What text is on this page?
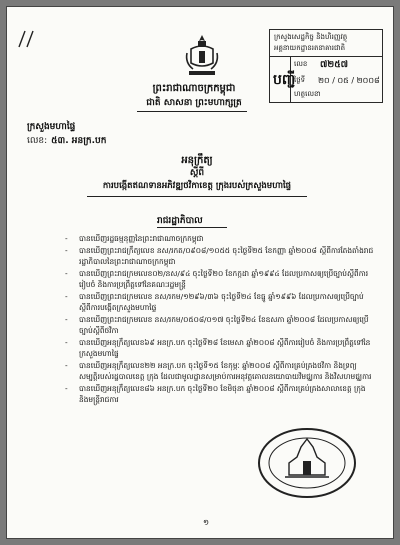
ព្រះរាជាណាចក្រកម្ពុជា
ជាតិ សាសនា ព្រះមហាក្សត្រ
ក្រសួងសេដ្ឋកិច្ច និងហិរញ្ញវត្ថុ
អគ្គនាយកដ្ឋានរតនាគារជាតិ
បញ្ជី
លេខ ៧២៥៧
ថ្ងៃទី ២០ / ០៥ / ២០០៨
ហត្ថលេខា
ក្រសួងមហាផ្ទៃ
លេខ: ៥៣. អនក្រ.បក
អនុក្រឹត្យ
ស្តីពី
ការបង្កើតឥណទានអភិវឌ្ឍថវិកាខេត្ត ក្រុងរបស់ក្រសួងមហាផ្ទៃ
រាជរដ្ឋាភិបាល
- បានឃើញរដ្ឋធម្មនុញ្ញនៃព្រះរាជាណាចក្រកម្ពុជា
- បានឃើញព្រះរាជក្រឹត្យលេខ នស/រកត/០៩០៨/១០៥៥ ចុះថ្ងៃទី២៥ ខែកញ្ញា ឆ្នាំ២០០៨ ស្តីពីការតែងតាំងរាជរដ្ឋាភិបាលនៃព្រះរាជាណាចក្រកម្ពុជា
- បានឃើញព្រះរាជក្រមលេខ០២/នស/៩៤ ចុះថ្ងៃទី២០ ខែកក្កដា ឆ្នាំ១៩៩៤ ដែលប្រកាសឲ្យប្រើច្បាប់ស្តីពីការរៀបចំ និងការប្រព្រឹត្តទៅនៃគណៈរដ្ឋមន្ត្រី
- បានឃើញព្រះរាជក្រមលេខ នស/រកម/១២៩៦/៣៦ ចុះថ្ងៃទី២៤ ខែធ្នូ ឆ្នាំ១៩៩៦ ដែលប្រកាសឲ្យប្រើច្បាប់ស្តីពីការបង្កើតក្រសួងមហាផ្ទៃ
- បានឃើញព្រះរាជក្រមលេខ នស/រកម/០៥០៨/០១៧ ចុះថ្ងៃទី២៤ ខែឧសភា ឆ្នាំ២០០៨ ដែលប្រកាសឲ្យប្រើច្បាប់ស្តីពីថវិកា
- បានឃើញអនុក្រឹត្យលេខ៦៩ អនក្រ.បក ចុះថ្ងៃទី២៨ ខែមេសា ឆ្នាំ២០០៨ ស្តីពីការរៀបចំ និងការប្រព្រឹត្តទៅនៃក្រសួងមហាផ្ទៃ
- បានឃើញអនុក្រឹត្យលេខ២២ អនក្រ.បក ចុះថ្ងៃទី១៥ ខែកុម្ភៈ ឆ្នាំ២០០៨ ស្តីពីការគ្រប់គ្រងថវិកា និងទ្រព្យសម្បត្តិរបស់រដ្ឋបាលខេត្ត ក្រុង ដែលជាមូលដ្ឋានសម្រាប់ការអនុវត្តគោលនយោបាយវិមជ្ឈការ និងវិសហមជ្ឈការ
- បានឃើញអនុក្រឹត្យលេខ៨៦ អនក្រ.បក ចុះថ្ងៃទី២០ ខែមិថុនា ឆ្នាំ២០០៨ ស្តីពីការគ្រប់គ្រងសាលាខេត្ត ក្រុង និងមន្ត្រីរាជការ
១
